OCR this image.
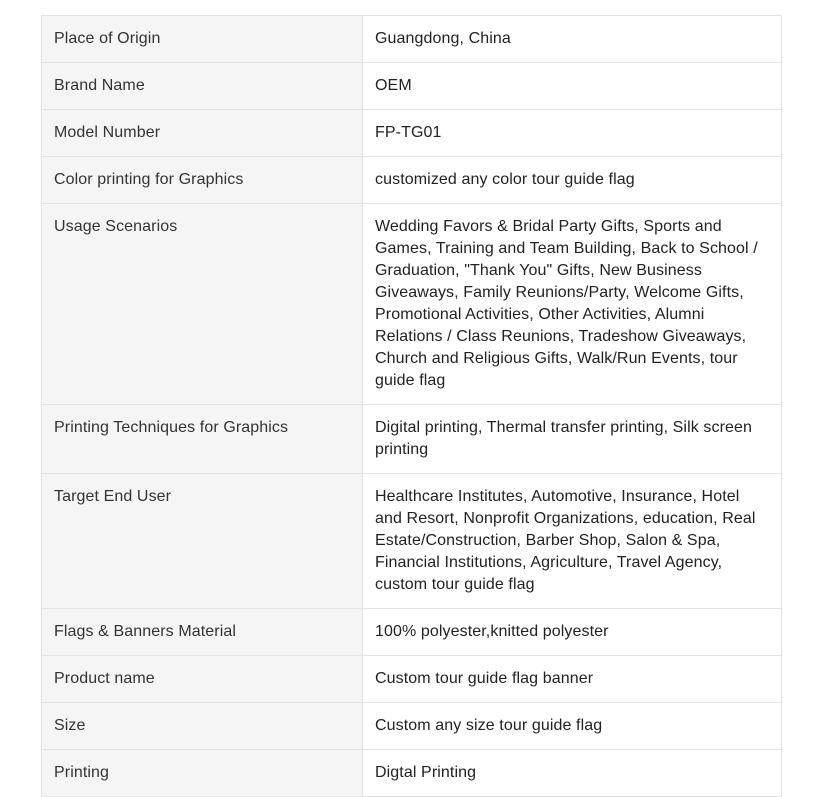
Place of Origin	Guangdong, China
Brand Name	OEM
Model Number	FP-TG01
Color printing for Graphics	customized any color tour guide flag
Usage Scenarios	Wedding Favors & Bridal Party Gifts, Sports and Games, Training and Team Building, Back to School / Graduation, "Thank You" Gifts, New Business Giveaways, Family Reunions/Party, Welcome Gifts, Promotional Activities, Other Activities, Alumni Relations / Class Reunions, Tradeshow Giveaways, Church and Religious Gifts, Walk/Run Events, tour guide flag
Printing Techniques for Graphics	Digital printing, Thermal transfer printing, Silk screen printing
Target End User	Healthcare Institutes, Automotive, Insurance, Hotel and Resort, Nonprofit Organizations, education, Real Estate/Construction, Barber Shop, Salon & Spa, Financial Institutions, Agriculture, Travel Agency, custom tour guide flag
Flags & Banners Material	100% polyester,knitted polyester
Product name	Custom tour guide flag banner
Size	Custom any size tour guide flag
Printing	Digtal Printing
